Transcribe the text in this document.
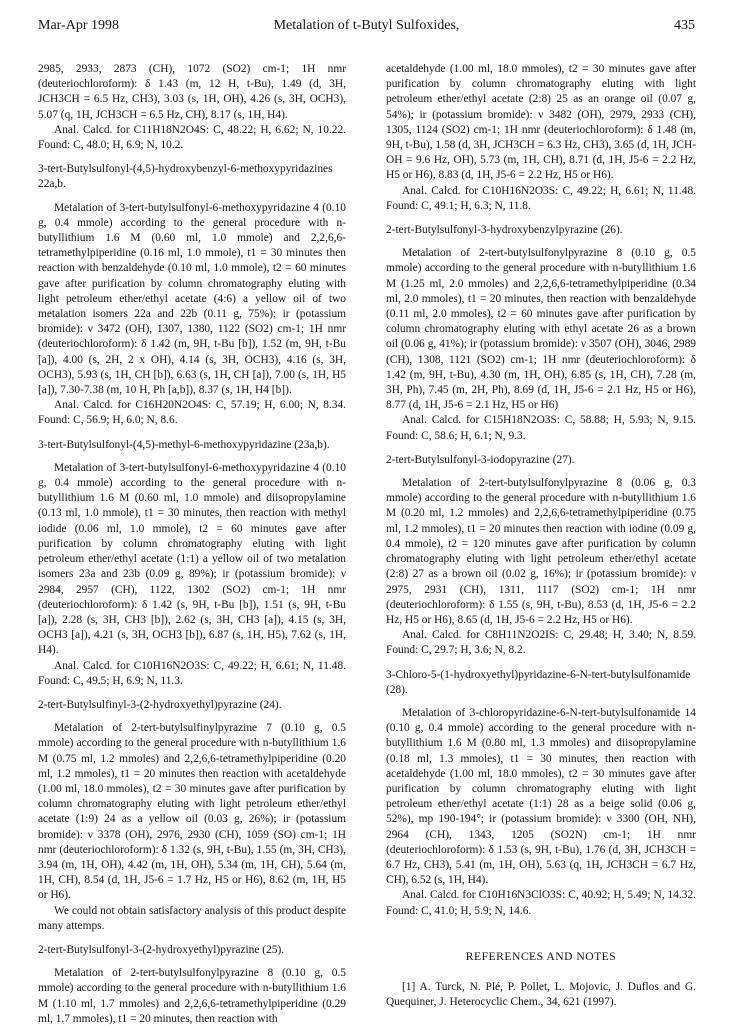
Mar-Apr 1998	Metalation of t-Butyl Sulfoxides,	435

2985, 2933, 2873 (CH), 1072 (SO2) cm-1; 1H nmr (deuteriochloroform): δ 1.43 (m, 12 H, t-Bu), 1.49 (d, 3H, JCH3CH = 6.5 Hz, CH3), 3.03 (s, 1H, OH), 4.26 (s, 3H, OCH3), 5.07 (q, 1H, JCH3CH = 6.5 Hz, CH), 8.17 (s, 1H, H4).

Anal. Calcd. for C11H18N2O4S: C, 48.22; H, 6.62; N, 10.22. Found: C, 48.0; H, 6.9; N, 10.2.

3-tert-Butylsulfonyl-(4,5)-hydroxybenzyl-6-methoxypyridazines 22a,b.

Metalation of 3-tert-butylsulfonyl-6-methoxypyridazine 4 (0.10 g, 0.4 mmole) according to the general procedure with n-butyllithium 1.6 M (0.60 ml, 1.0 mmole) and 2,2,6,6-tetramethylpiperidine (0.16 ml, 1.0 mmole), t1 = 30 minutes then reaction with benzaldehyde (0.10 ml, 1.0 mmole), t2 = 60 minutes gave after purification by column chromatography eluting with light petroleum ether/ethyl acetate (4:6) a yellow oil of two metalation isomers 22a and 22b (0.11 g, 75%); ir (potassium bromide): ν 3472 (OH), 1307, 1380, 1122 (SO2) cm-1; 1H nmr (deuteriochloroform): δ 1.42 (m, 9H, t-Bu [b]), 1.52 (m, 9H, t-Bu [a]), 4.00 (s, 2H, 2 x OH), 4.14 (s, 3H, OCH3), 4.16 (s, 3H, OCH3), 5.93 (s, 1H, CH [b]), 6.63 (s, 1H, CH [a]), 7.00 (s, 1H, H5 [a]), 7.30-7.38 (m, 10 H, Ph [a,b]), 8.37 (s, 1H, H4 [b]).

Anal. Calcd. for C16H20N2O4S: C, 57.19; H, 6.00; N, 8.34. Found: C, 56.9; H, 6.0; N, 8.6.

3-tert-Butylsulfonyl-(4,5)-methyl-6-methoxypyridazine (23a,b).

Metalation of 3-tert-butylsulfonyl-6-methoxypyridazine 4 (0.10 g, 0.4 mmole) according to the general procedure with n-butyllithium 1.6 M (0.60 ml, 1.0 mmole) and diisopropylamine (0.13 ml, 1.0 mmole), t1 = 30 minutes, then reaction with methyl iodide (0.06 ml, 1.0 mmole), t2 = 60 minutes gave after purification by column chromatography eluting with light petroleum ether/ethyl acetate (1:1) a yellow oil of two metalation isomers 23a and 23b (0.09 g, 89%); ir (potassium bromide): ν 2984, 2957 (CH), 1122, 1302 (SO2) cm-1; 1H nmr (deuteriochloroform): δ 1.42 (s, 9H, t-Bu [b]), 1.51 (s, 9H, t-Bu [a]), 2.28 (s, 3H, CH3 [b]), 2.62 (s, 3H, CH3 [a]), 4.15 (s, 3H, OCH3 [a]), 4.21 (s, 3H, OCH3 [b]), 6.87 (s, 1H, H5), 7.62 (s, 1H, H4).

Anal. Calcd. for C10H16N2O3S: C, 49.22; H, 6.61; N, 11.48. Found: C, 49.5; H, 6.9; N, 11.3.

2-tert-Butylsulfinyl-3-(2-hydroxyethyl)pyrazine (24).

Metalation of 2-tert-butylsulfinylpyrazine 7 (0.10 g, 0.5 mmole) according to the general procedure with n-butyllithium 1.6 M (0.75 ml, 1.2 mmoles) and 2,2,6,6-tetramethylpiperidine (0.20 ml, 1.2 mmoles), t1 = 20 minutes then reaction with acetaldehyde (1.00 ml, 18.0 mmoles), t2 = 30 minutes gave after purification by column chromatography eluting with light petroleum ether/ethyl acetate (1:9) 24 as a yellow oil (0.03 g, 26%); ir (potassium bromide): ν 3378 (OH), 2976, 2930 (CH), 1059 (SO) cm-1; 1H nmr (deuteriochloroform): δ 1.32 (s, 9H, t-Bu), 1.55 (m, 3H, CH3), 3.94 (m, 1H, OH), 4.42 (m, 1H, OH), 5.34 (m, 1H, CH), 5.64 (m, 1H, CH), 8.54 (d, 1H, J5-6 = 1.7 Hz, H5 or H6), 8.62 (m, 1H, H5 or H6).

We could not obtain satisfactory analysis of this product despite many attemps.

2-tert-Butylsulfonyl-3-(2-hydroxyethyl)pyrazine (25).

Metalation of 2-tert-butylsulfonylpyrazine 8 (0.10 g, 0.5 mmole) according to the general procedure with n-butyllithium 1.6 M (1.10 ml, 1.7 mmoles) and 2,2,6,6-tetramethylpiperidine (0.29 ml, 1.7 mmoles), t1 = 20 minutes, then reaction with

acetaldehyde (1.00 ml, 18.0 mmoles), t2 = 30 minutes gave after purification by column chromatography eluting with light petroleum ether/ethyl acetate (2:8) 25 as an orange oil (0.07 g, 54%); ir (potassium bromide): ν 3482 (OH), 2979, 2933 (CH), 1305, 1124 (SO2) cm-1; 1H nmr (deuteriochloroform): δ 1.48 (m, 9H, t-Bu), 1.58 (d, 3H, JCH3CH = 6.3 Hz, CH3), 3.65 (d, 1H, JCH-OH = 9.6 Hz, OH), 5.73 (m, 1H, CH), 8.71 (d, 1H, J5-6 = 2.2 Hz, H5 or H6), 8.83 (d, 1H, J5-6 = 2.2 Hz, H5 or H6).

Anal. Calcd. for C10H16N2O3S: C, 49.22; H, 6.61; N, 11.48. Found: C, 49.1; H, 6.3; N, 11.8.

2-tert-Butylsulfonyl-3-hydroxybenzylpyrazine (26).

Metalation of 2-tert-butylsulfonylpyrazine 8 (0.10 g, 0.5 mmole) according to the general procedure with n-butyllithium 1.6 M (1.25 ml, 2.0 mmoles) and 2,2,6,6-tetramethylpiperidine (0.34 ml, 2.0 mmoles), t1 = 20 minutes, then reaction with benzaldehyde (0.11 ml, 2.0 mmoles), t2 = 60 minutes gave after purification by column chromatography eluting with ethyl acetate 26 as a brown oil (0.06 g, 41%); ir (potassium bromide): ν 3507 (OH), 3046, 2989 (CH), 1308, 1121 (SO2) cm-1; 1H nmr (deuteriochloroform): δ 1.42 (m, 9H, t-Bu), 4.30 (m, 1H, OH), 6.85 (s, 1H, CH), 7.28 (m, 3H, Ph), 7.45 (m, 2H, Ph), 8.69 (d, 1H, J5-6 = 2.1 Hz, H5 or H6), 8.77 (d, 1H, J5-6 = 2.1 Hz, H5 or H6)

Anal. Calcd. for C15H18N2O3S: C, 58.88; H, 5.93; N, 9.15. Found: C, 58.6; H, 6.1; N, 9.3.

2-tert-Butylsulfonyl-3-iodopyrazine (27).

Metalation of 2-tert-butylsulfonylpyrazine 8 (0.06 g, 0.3 mmole) according to the general procedure with n-butyllithium 1.6 M (0.20 ml, 1.2 mmoles) and 2,2,6,6-tetramethylpiperidine (0.75 ml, 1.2 mmoles), t1 = 20 minutes then reaction with iodine (0.09 g, 0.4 mmole), t2 = 120 minutes gave after purification by column chromatography eluting with light petroleum ether/ethyl acetate (2:8) 27 as a brown oil (0.02 g, 16%); ir (potassium bromide): ν 2975, 2931 (CH), 1311, 1117 (SO2) cm-1; 1H nmr (deuteriochloroform): δ 1.55 (s, 9H, t-Bu), 8.53 (d, 1H, J5-6 = 2.2 Hz, H5 or H6), 8.65 (d, 1H, J5-6 = 2.2 Hz, H5 or H6).

Anal. Calcd. for C8H11N2O2IS: C, 29.48; H, 3.40; N, 8.59. Found: C, 29.7; H, 3.6; N, 8.2.

3-Chloro-5-(1-hydroxyethyl)pyridazine-6-N-tert-butylsulfonamide (28).

Metalation of 3-chloropyridazine-6-N-tert-butylsulfonamide 14 (0.10 g, 0.4 mmole) according to the general procedure with n-butyllithium 1.6 M (0.80 ml, 1.3 mmoles) and diisopropylamine (0.18 ml, 1.3 mmoles), t1 = 30 minutes, then reaction with acetaldehyde (1.00 ml, 18.0 mmoles), t2 = 30 minutes gave after purification by column chromatography eluting with light petroleum ether/ethyl acetate (1:1) 28 as a beige solid (0.06 g, 52%), mp 190-194°; ir (potassium bromide): ν 3300 (OH, NH), 2964 (CH), 1343, 1205 (SO2N) cm-1; 1H nmr (deuteriochloroform): δ 1.53 (s, 9H, t-Bu), 1.76 (d, 3H, JCH3CH = 6.7 Hz, CH3), 5.41 (m, 1H, OH), 5.63 (q, 1H, JCH3CH = 6.7 Hz, CH), 6.52 (s, 1H, H4).

Anal. Calcd. for C10H16N3ClO3S: C, 40.92; H, 5.49; N, 14.32. Found: C, 41.0; H, 5.9; N, 14.6.

REFERENCES AND NOTES

[1] A. Turck, N. Plé, P. Pollet, L. Mojovic, J. Duflos and G. Quequiner, J. Heterocyclic Chem., 34, 621 (1997).
